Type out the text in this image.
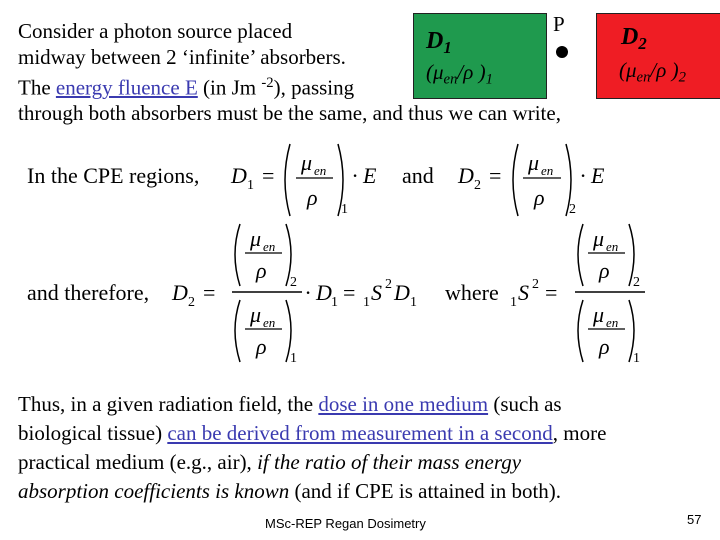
Consider a photon source placed
midway between 2 ‘infinite’ absorbers.
The energy fluence E (in Jm $^{-2}$), passing
through both absorbers must be the same, and thus we can write,
$D_1$
($\mu_{en}/\rho$ )$_1$
P $D_2$
($\mu_{en}/\rho$ )$_2$
In the CPE regions, D 1 =
μ en
ρ 1
· E and D 2 =
μ en
ρ 2
· E
and therefore, D 2 =
μ en
ρ 2
μ en
ρ 1
· D 1 = 1 S 2 D 1 where 1 S 2 =
μ en
ρ 2
μ en
ρ 1
Thus, in a given radiation field, the dose in one medium (such as
biological tissue) can be derived from measurement in a second, more
practical medium (e.g., air), if the ratio of their mass energy
absorption coefficients is known (and if CPE is attained in both).
MSc-REP Regan Dosimetry	57
